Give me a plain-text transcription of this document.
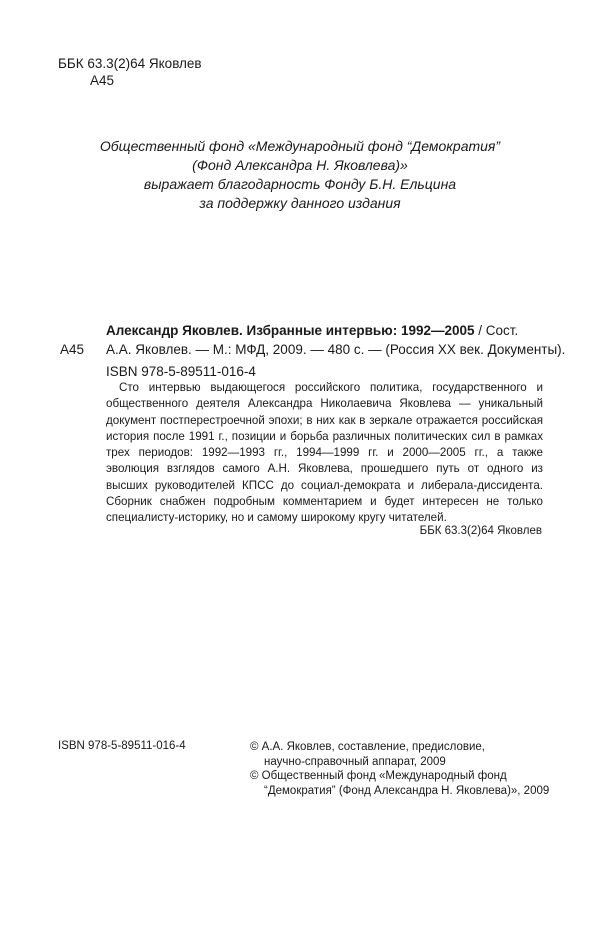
ББК 63.3(2)64 Яковлев
А45
Общественный фонд «Международный фонд “Демократия”
(Фонд Александра Н. Яковлева)»
выражает благодарность Фонду Б.Н. Ельцина
за поддержку данного издания
Александр Яковлев. Избранные интервью: 1992—2005 / Сост.
А45 А.А. Яковлев. — М.: МФД, 2009. — 480 с. — (Россия XX век. Документы).
ISBN 978-5-89511-016-4
Сто интервью выдающегося российского политика, государственного и общественного деятеля Александра Николаевича Яковлева — уникальный документ постперестроечной эпохи; в них как в зеркале отражается российская история после 1991 г., позиции и борьба различных политических сил в рамках трех периодов: 1992—1993 гг., 1994—1999 гг. и 2000—2005 гг., а также эволюция взглядов самого А.Н. Яковлева, прошедшего путь от одного из высших руководителей КПСС до социал-демократа и либерала-диссидента. Сборник снабжен подробным комментарием и будет интересен не только специалисту-историку, но и самому широкому кругу читателей.
ББК 63.3(2)64 Яковлев
ISBN 978-5-89511-016-4	© А.А. Яковлев, составление, предисловие,
научно-справочный аппарат, 2009
© Общественный фонд «Международный фонд
“Демократия” (Фонд Александра Н. Яковлева)», 2009
